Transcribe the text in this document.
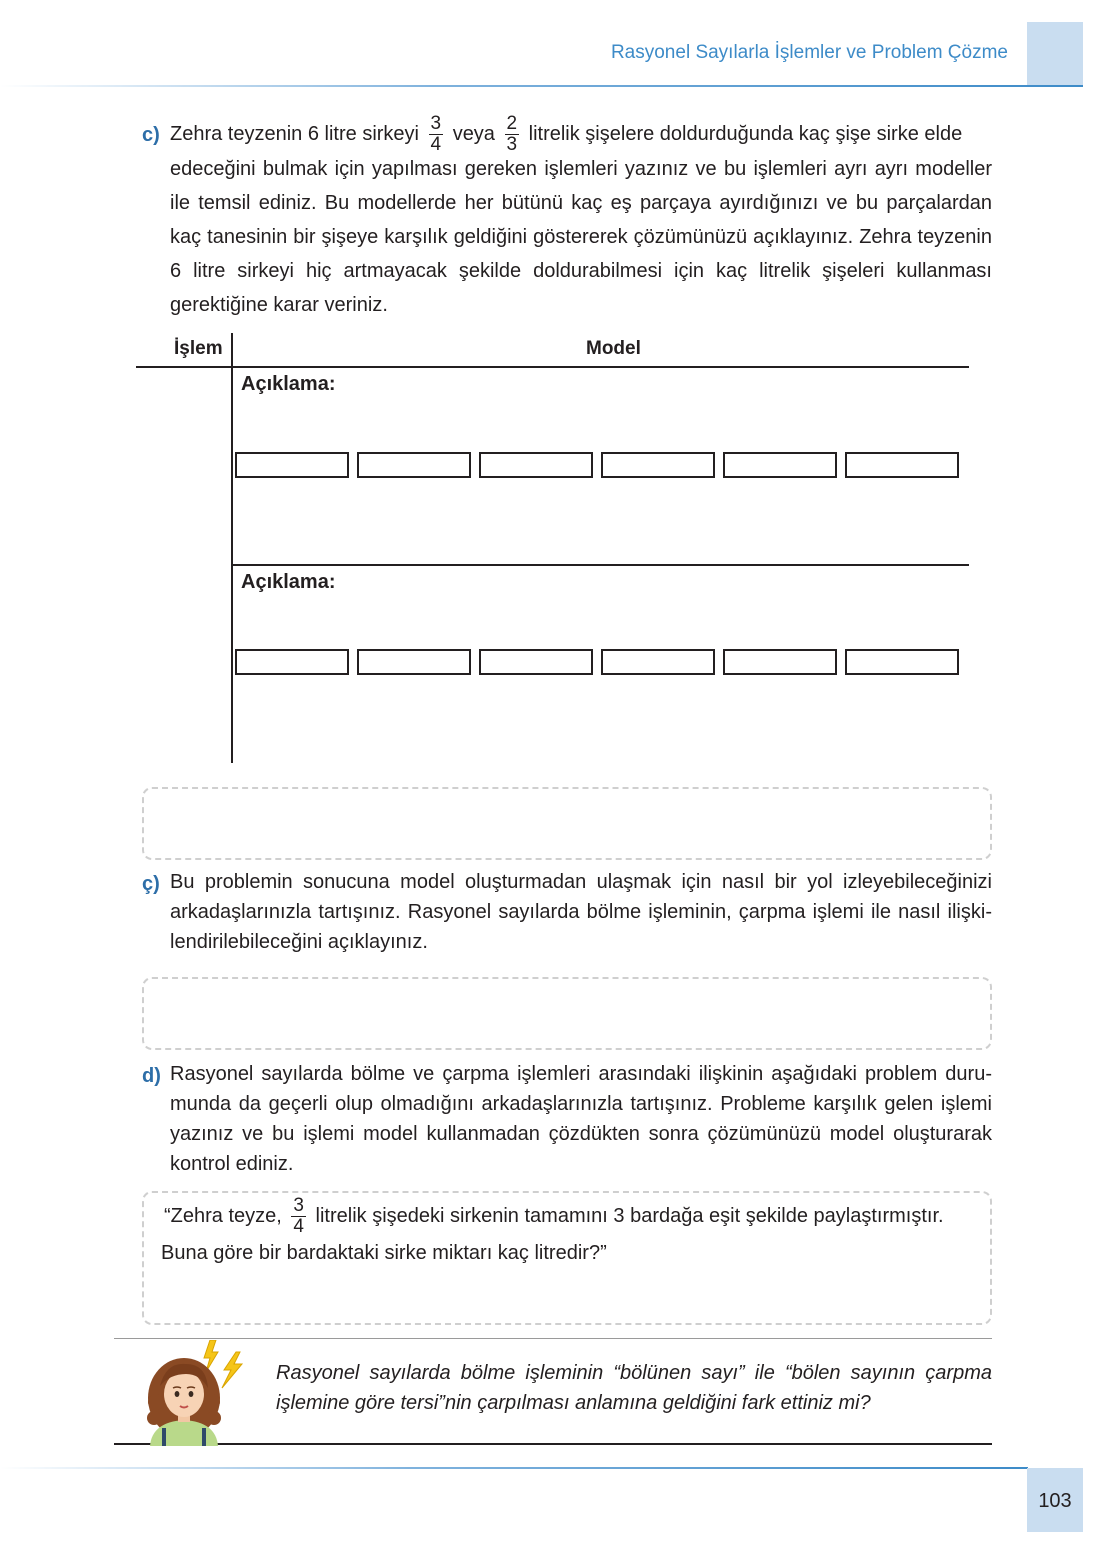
Rasyonel Sayılarla İşlemler ve Problem Çözme
c) Zehra teyzenin 6 litre sirkeyi $\frac{3}{4}$ veya $\frac{2}{3}$ litrelik şişelere doldurduğunda kaç şişe sirke elde
edeceğini bulmak için yapılması gereken işlemleri yazınız ve bu işlemleri ayrı ayrı modeller ile temsil ediniz. Bu modellerde her bütünü kaç eş parçaya ayırdığınızı ve bu parçalardan kaç tanesinin bir şişeye karşılık geldiğini göstererek çözümünüzü açıklayınız. Zehra teyzenin 6 litre sirkeyi hiç artmayacak şekilde doldurabilmesi için kaç litrelik şişeleri kullanması gerektiğine karar veriniz.
İşlem	Model
Açıklama:
Açıklama:
ç) Bu problemin sonucuna model oluşturmadan ulaşmak için nasıl bir yol izleyebileceğinizi arkadaşlarınızla tartışınız. Rasyonel sayılarda bölme işleminin, çarpma işlemi ile nasıl ilişkilendirilebileceğini açıklayınız.
d) Rasyonel sayılarda bölme ve çarpma işlemleri arasındaki ilişkinin aşağıdaki problem durumunda da geçerli olup olmadığını arkadaşlarınızla tartışınız. Probleme karşılık gelen işlemi yazınız ve bu işlemi model kullanmadan çözdükten sonra çözümünüzü model oluşturarak kontrol ediniz.
“Zehra teyze, $\frac{3}{4}$ litrelik şişedeki sirkenin tamamını 3 bardağa eşit şekilde paylaştırmıştır.
Buna göre bir bardaktaki sirke miktarı kaç litredir?”
Rasyonel sayılarda bölme işleminin “bölünen sayı” ile “bölen sayının çarpma işlemine göre tersi”nin çarpılması anlamına geldiğini fark ettiniz mi?
103
